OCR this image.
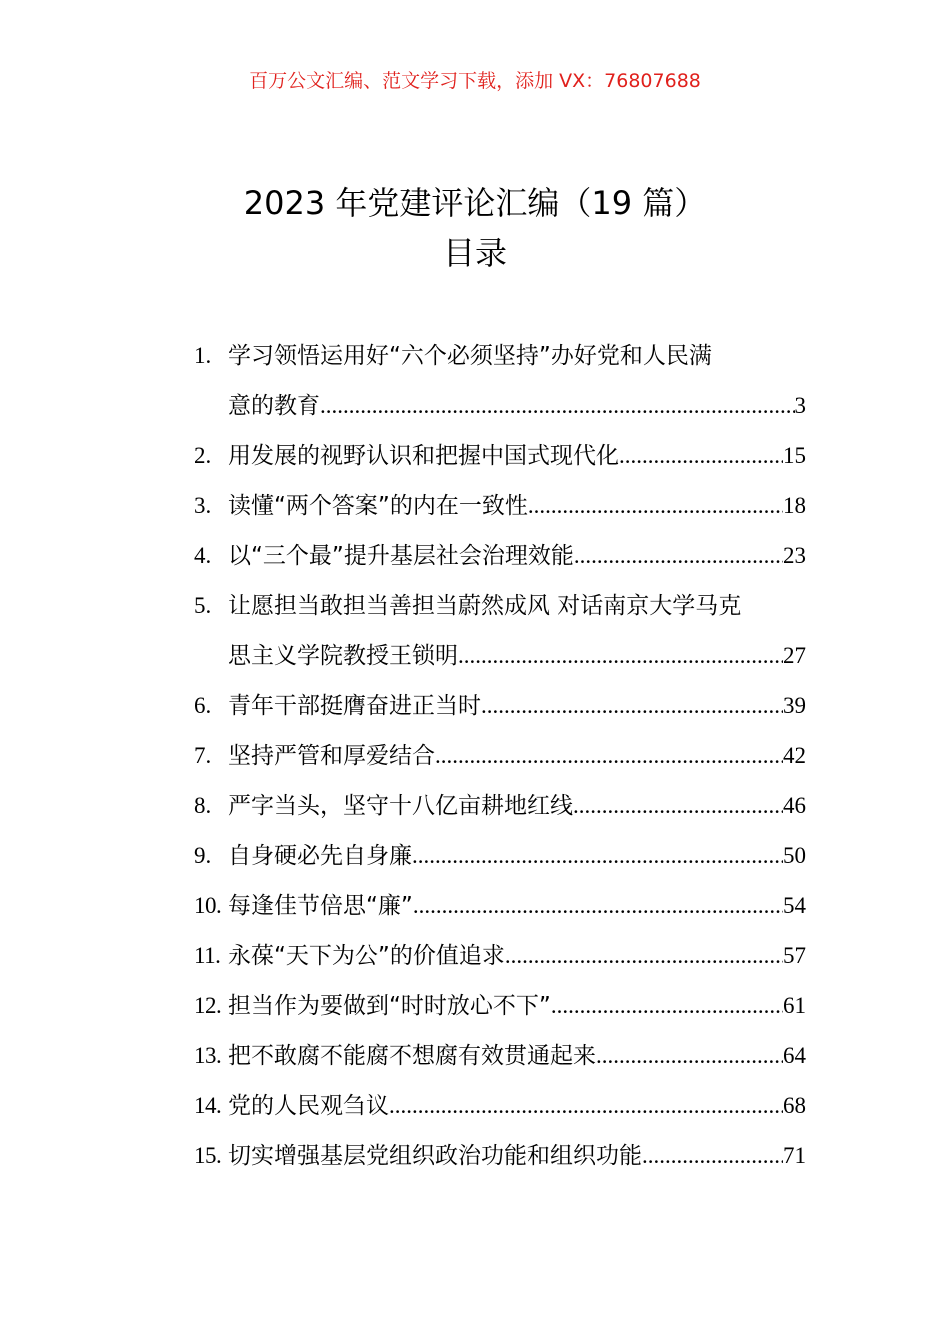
百万公文汇编、范文学习下载，添加 VX：76807688
2023 年党建评论汇编（19 篇）
目录
1. 学习领悟运用好“六个必须坚持”办好党和人民满
意的教育 .....	3
2. 用发展的视野认识和把握中国式现代化 .....	15
3. 读懂“两个答案”的内在一致性 .....	18
4. 以“三个最”提升基层社会治理效能 .....	23
5. 让愿担当敢担当善担当蔚然成风 对话南京大学马克
思主义学院教授王锁明 .....	27
6. 青年干部挺膺奋进正当时 .....	39
7. 坚持严管和厚爱结合 .....	42
8. 严字当头，坚守十八亿亩耕地红线 .....	46
9. 自身硬必先自身廉 .....	50
10. 每逢佳节倍思“廉” .....	54
11. 永葆“天下为公”的价值追求 .....	57
12. 担当作为要做到“时时放心不下” .....	61
13. 把不敢腐不能腐不想腐有效贯通起来 .....	64
14. 党的人民观刍议 .....	68
15. 切实增强基层党组织政治功能和组织功能 .....	71
